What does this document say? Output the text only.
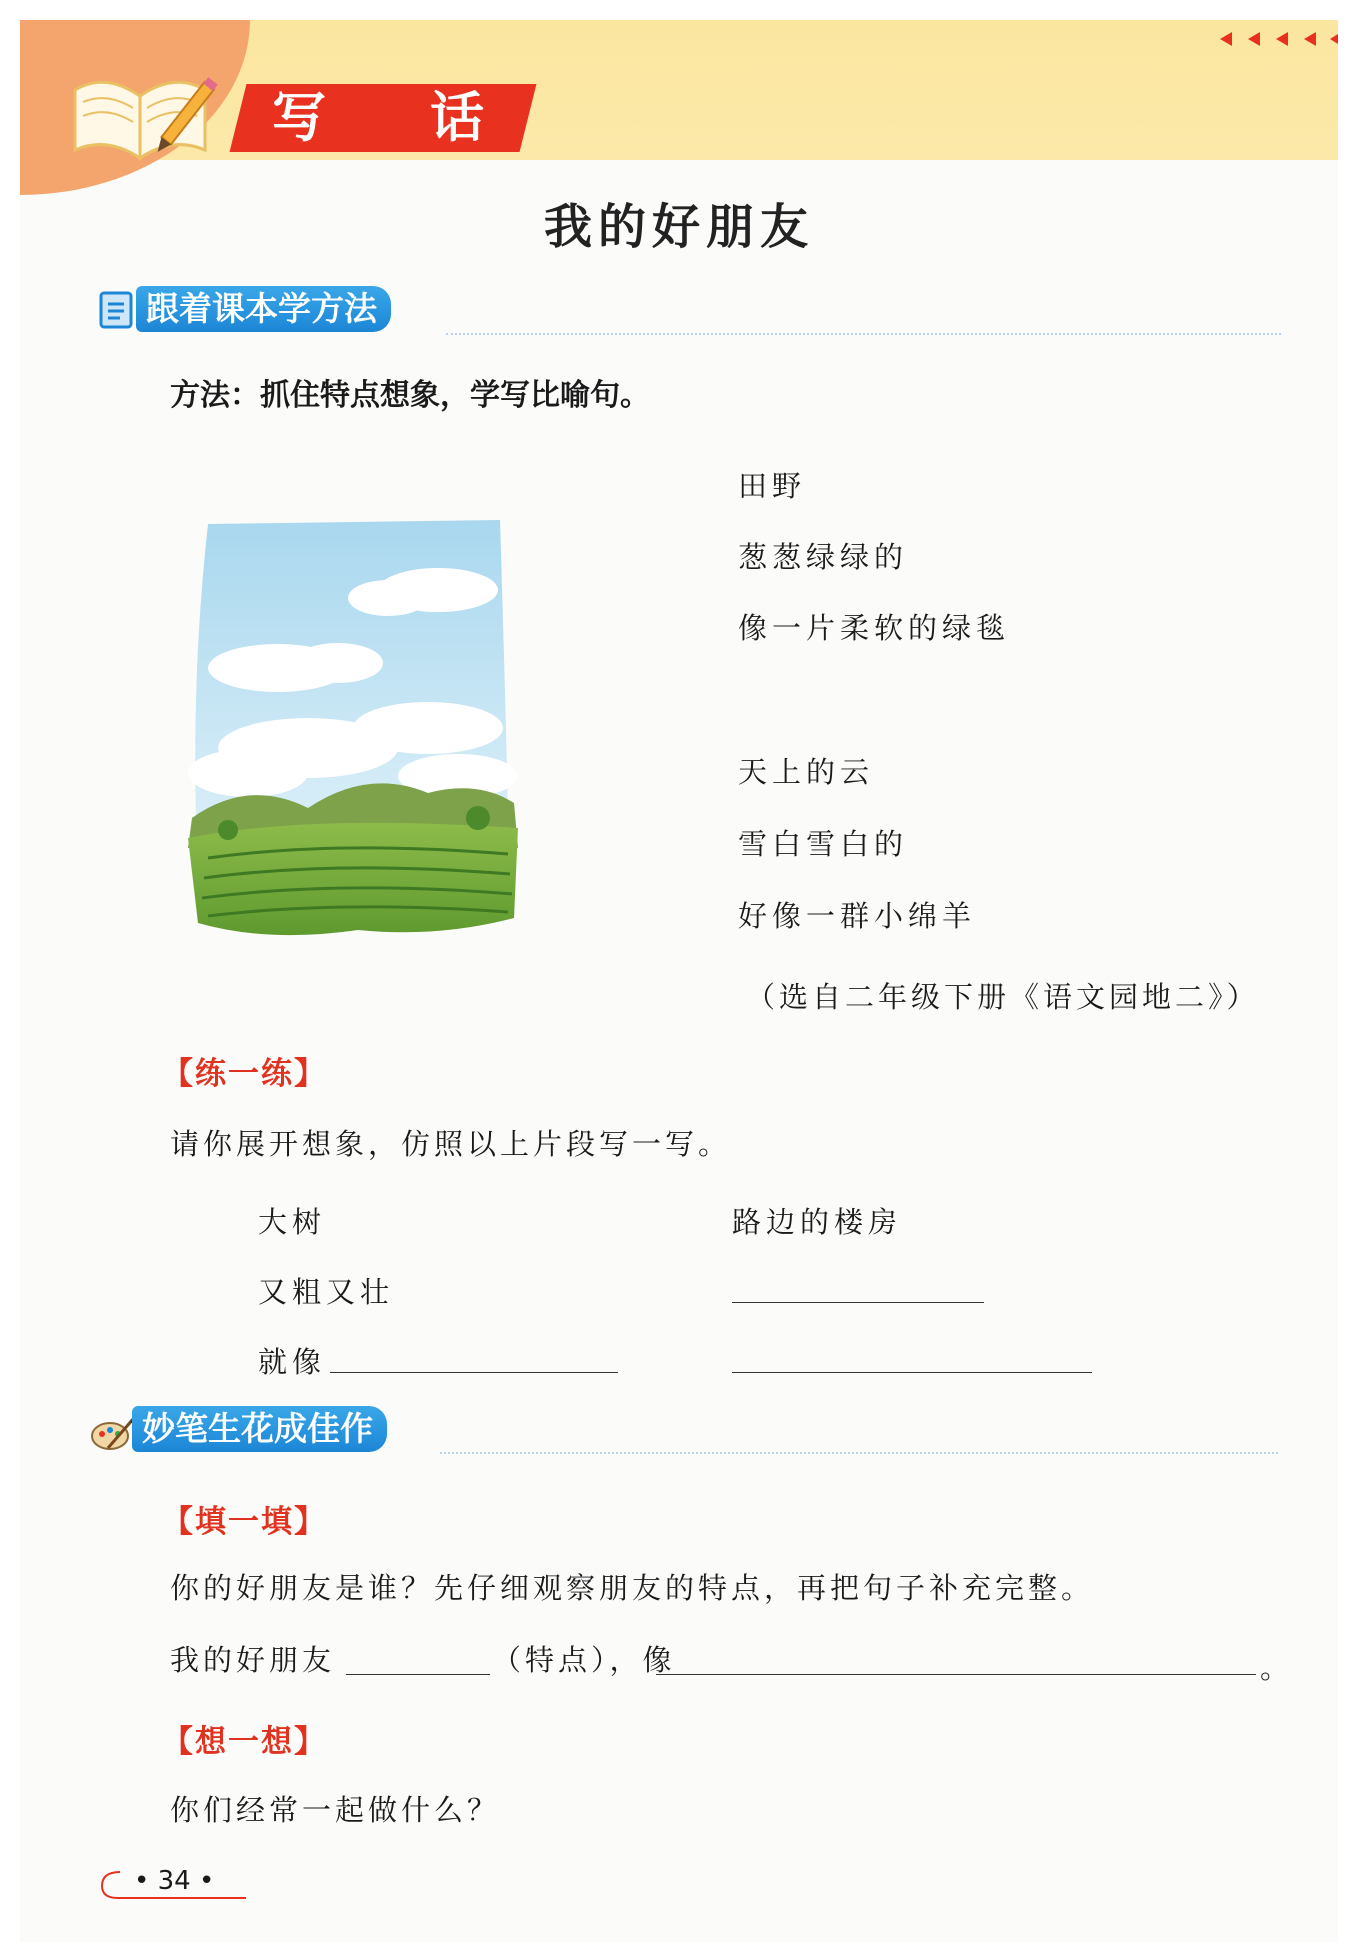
写 话
我的好朋友
跟着课本学方法
方法：抓住特点想象，学写比喻句。
田野
葱葱绿绿的
像一片柔软的绿毯
天上的云
雪白雪白的
好像一群小绵羊
（选自二年级下册《语文园地二》）
【练一练】
请你展开想象，仿照以上片段写一写。
大树
又粗又壮
就像
路边的楼房
妙笔生花成佳作
【填一填】
你的好朋友是谁？先仔细观察朋友的特点，再把句子补充完整。
我的好朋友	（特点），像	。
【想一想】
你们经常一起做什么？
• 34 •
